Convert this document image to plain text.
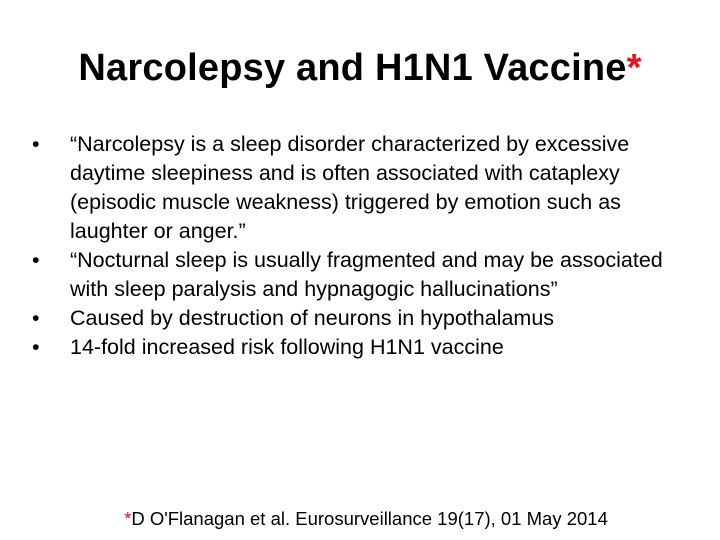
Narcolepsy and H1N1 Vaccine*
•	“Narcolepsy is a sleep disorder characterized by excessive daytime sleepiness and is often associated with cataplexy (episodic muscle weakness) triggered by emotion such as laughter or anger.”
•	“Nocturnal sleep is usually fragmented and may be associated with sleep paralysis and hypnagogic hallucinations”
•	Caused by destruction of neurons in hypothalamus
•	14-fold increased risk following H1N1 vaccine
*D O'Flanagan et al. Eurosurveillance 19(17), 01 May 2014
